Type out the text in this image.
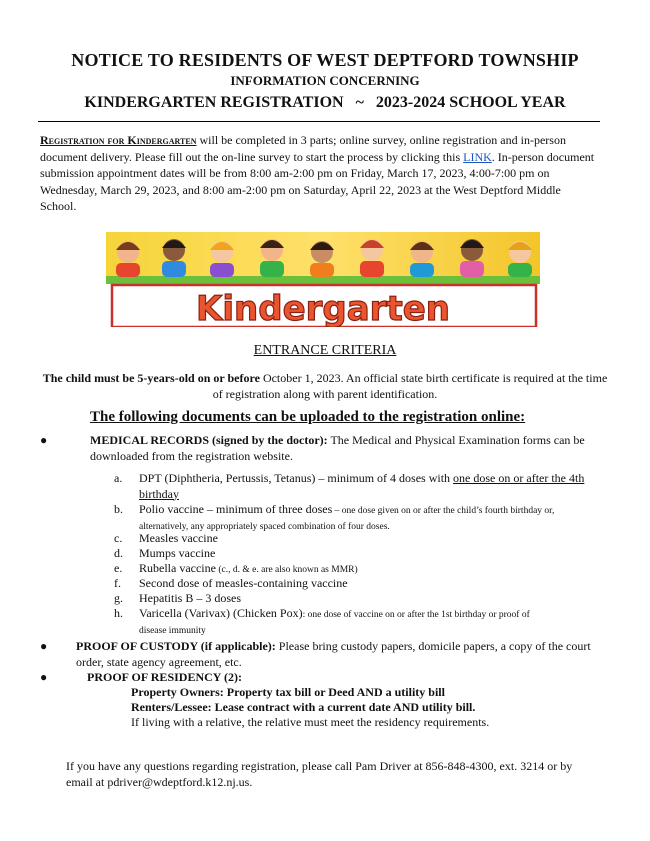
NOTICE TO RESIDENTS OF WEST DEPTFORD TOWNSHIP
INFORMATION CONCERNING
KINDERGARTEN REGISTRATION   ~   2023-2024 SCHOOL YEAR
Registration for Kindergarten will be completed in 3 parts; online survey, online registration and in-person document delivery. Please fill out the on-line survey to start the process by clicking this LINK. In-person document submission appointment dates will be from 8:00 am-2:00 pm on Friday, March 17, 2023, 4:00-7:00 pm on Wednesday, March 29, 2023, and 8:00 am-2:00 pm on Saturday, April 22, 2023 at the West Deptford Middle School.
Kindergarten
ENTRANCE CRITERIA
The child must be 5-years-old on or before October 1, 2023. An official state birth certificate is required at the time of registration along with parent identification.
The following documents can be uploaded to the registration online:
●	MEDICAL RECORDS (signed by the doctor): The Medical and Physical Examination forms can be downloaded from the registration website.
a. DPT (Diphtheria, Pertussis, Tetanus) – minimum of 4 doses with one dose on or after the 4th birthday
b. Polio vaccine – minimum of three doses – one dose given on or after the child’s fourth birthday or, alternatively, any appropriately spaced combination of four doses.
c. Measles vaccine
d. Mumps vaccine
e. Rubella vaccine (c., d. & e. are also known as MMR)
f. Second dose of measles-containing vaccine
g. Hepatitis B – 3 doses
h. Varicella (Varivax) (Chicken Pox): one dose of vaccine on or after the 1st birthday or proof of disease immunity
● PROOF OF CUSTODY (if applicable): Please bring custody papers, domicile papers, a copy of the court order, state agency agreement, etc.
●	PROOF OF RESIDENCY (2):
Property Owners: Property tax bill or Deed AND a utility bill
Renters/Lessee: Lease contract with a current date AND utility bill.
If living with a relative, the relative must meet the residency requirements.
If you have any questions regarding registration, please call Pam Driver at 856-848-4300, ext. 3214 or by email at pdriver@wdeptford.k12.nj.us.
